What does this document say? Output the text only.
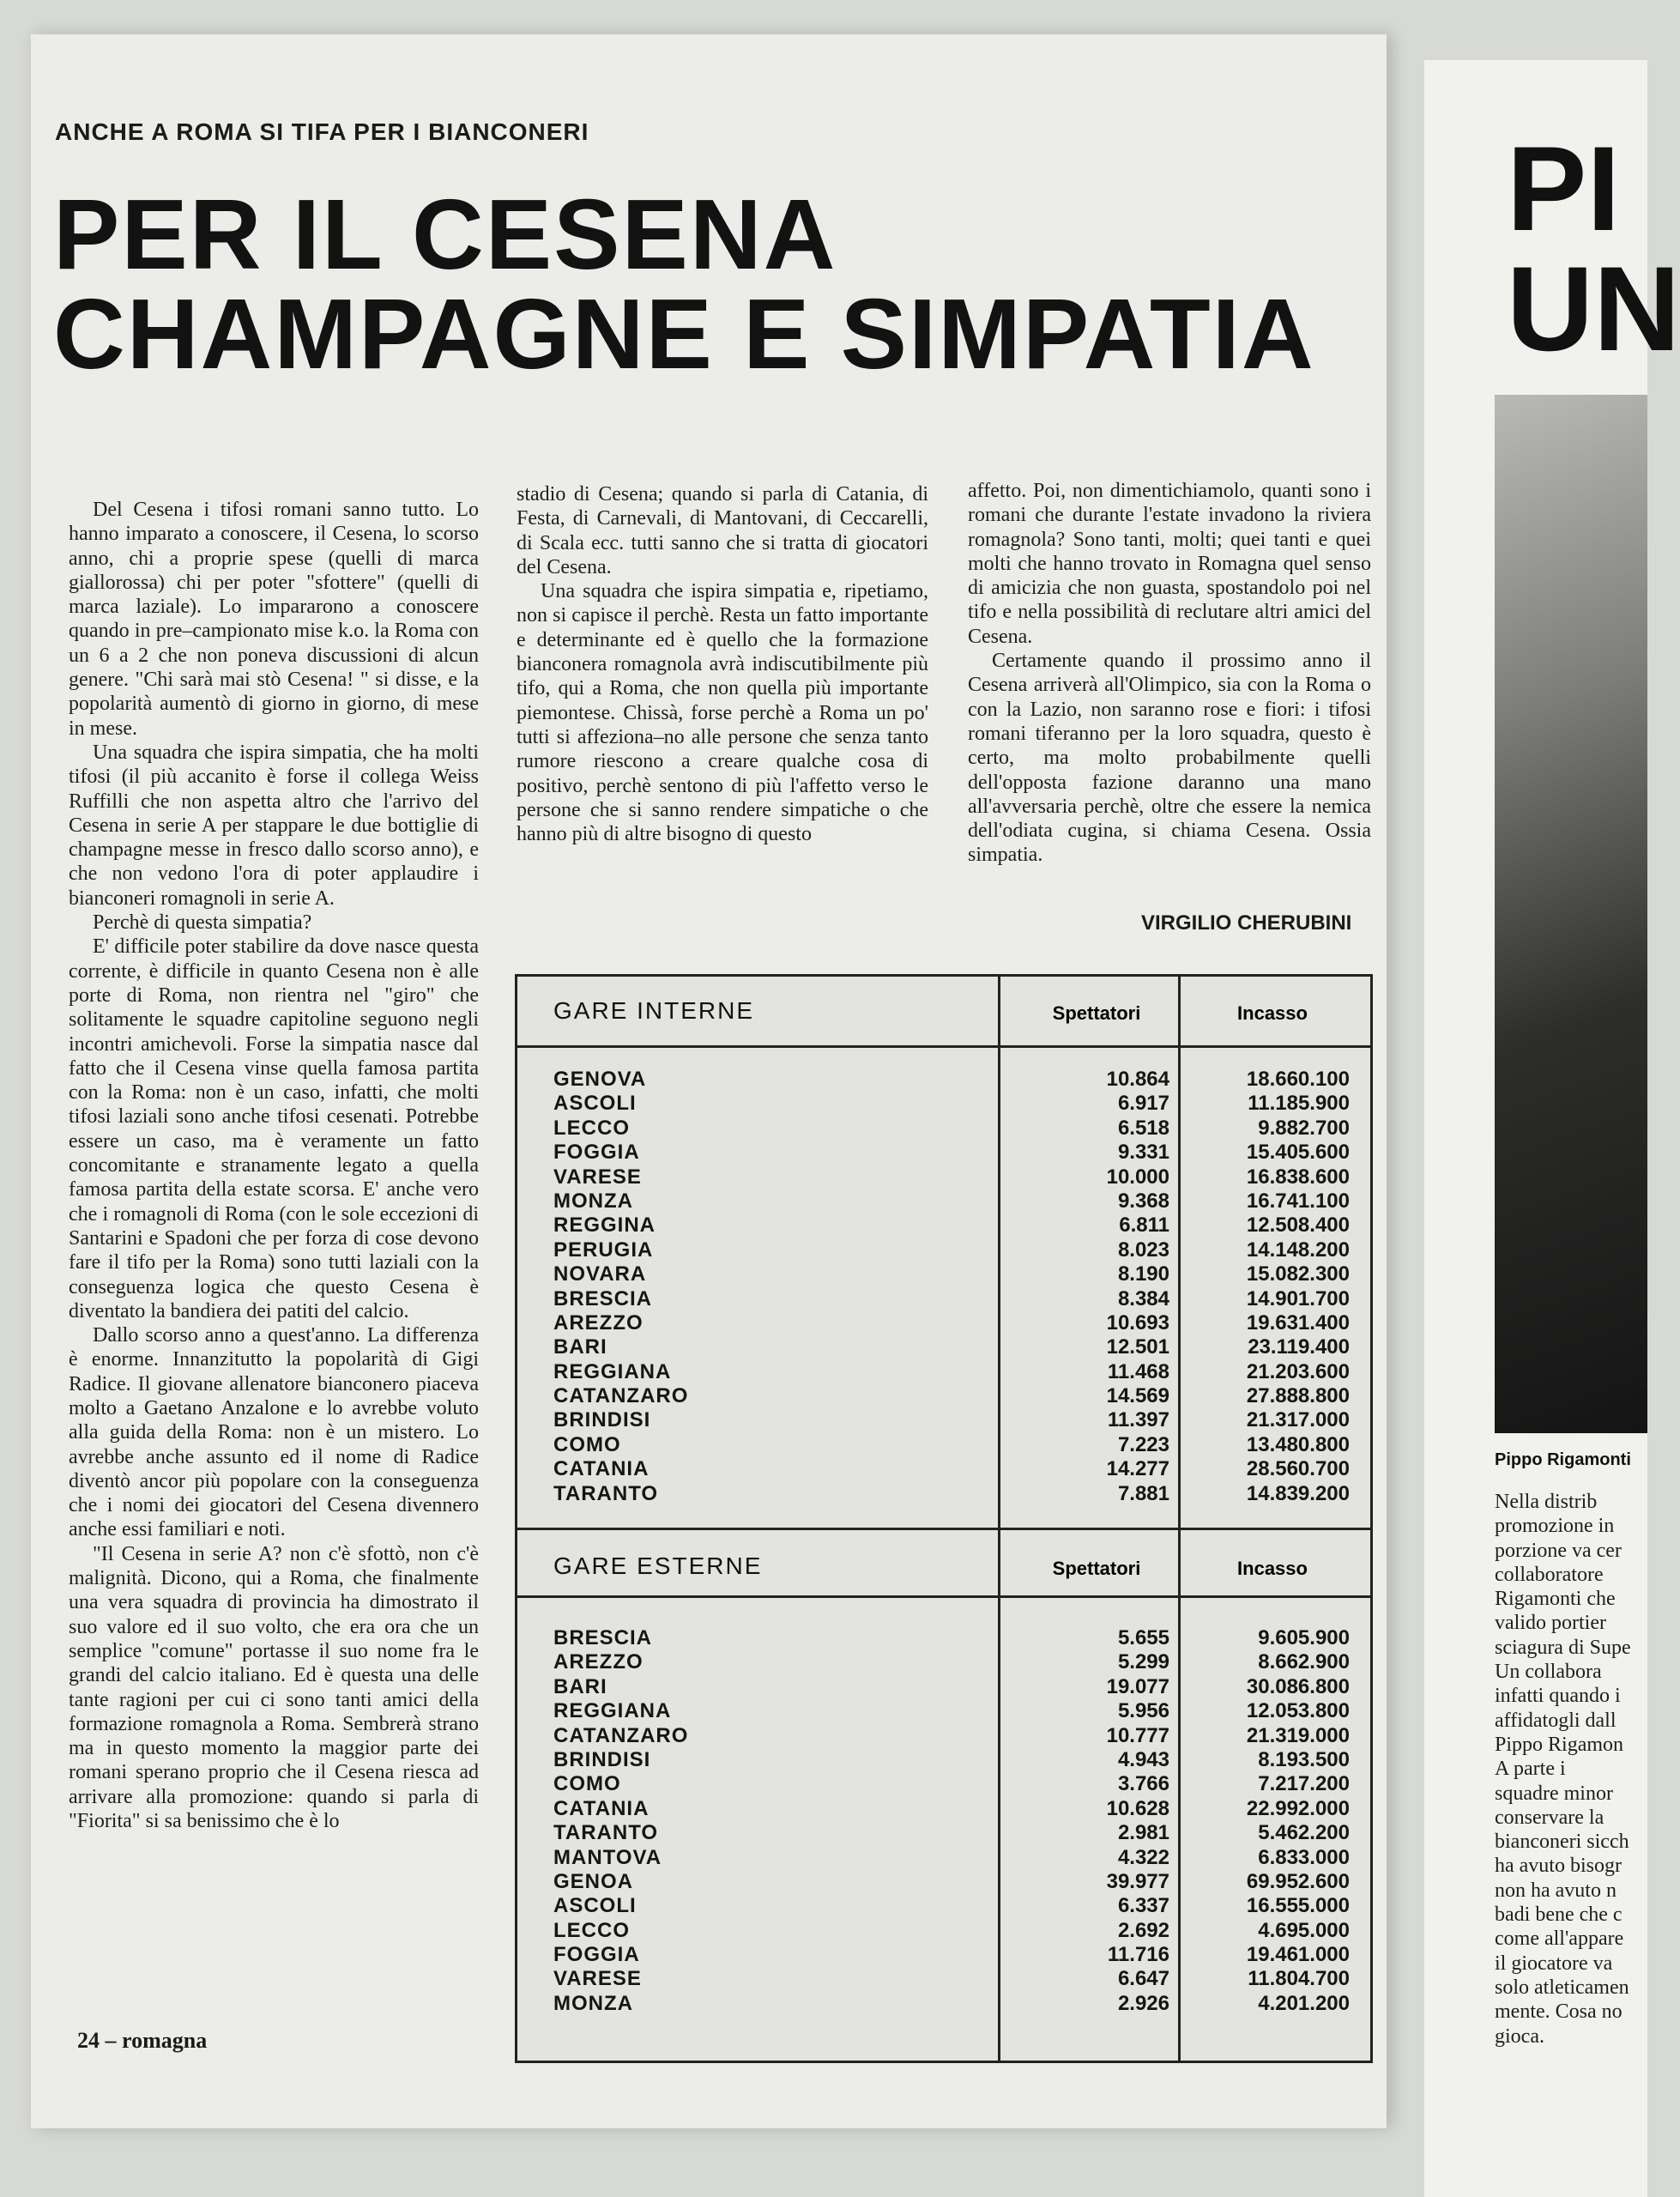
ANCHE A ROMA SI TIFA PER I BIANCONERI
PER IL CESENA
CHAMPAGNE E SIMPATIA

Del Cesena i tifosi romani sanno tutto. Lo hanno imparato a conoscere, il Cesena, lo scorso anno, chi a proprie spese (quelli di marca giallorossa) chi per poter "sfottere" (quelli di marca laziale). Lo impararono a conoscere quando in pre–campionato mise k.o. la Roma con un 6 a 2 che non poneva discussioni di alcun genere. "Chi sarà mai stò Cesena! " si disse, e la popolarità aumentò di giorno in giorno, di mese in mese.

Una squadra che ispira simpatia, che ha molti tifosi (il più accanito è forse il collega Weiss Ruffilli che non aspetta altro che l'arrivo del Cesena in serie A per stappare le due bottiglie di champagne messe in fresco dallo scorso anno), e che non vedono l'ora di poter applaudire i bianconeri romagnoli in serie A.

Perchè di questa simpatia?

E' difficile poter stabilire da dove nasce questa corrente, è difficile in quanto Cesena non è alle porte di Roma, non rientra nel "giro" che solitamente le squadre capitoline seguono negli incontri amichevoli. Forse la simpatia nasce dal fatto che il Cesena vinse quella famosa partita con la Roma: non è un caso, infatti, che molti tifosi laziali sono anche tifosi cesenati. Potrebbe essere un caso, ma è veramente un fatto concomitante e stranamente legato a quella famosa partita della estate scorsa. E' anche vero che i romagnoli di Roma (con le sole eccezioni di Santarini e Spadoni che per forza di cose devono fare il tifo per la Roma) sono tutti laziali con la conseguenza logica che questo Cesena è diventato la bandiera dei patiti del calcio.

Dallo scorso anno a quest'anno. La differenza è enorme. Innanzitutto la popolarità di Gigi Radice. Il giovane allenatore bianconero piaceva molto a Gaetano Anzalone e lo avrebbe voluto alla guida della Roma: non è un mistero. Lo avrebbe anche assunto ed il nome di Radice diventò ancor più popolare con la conseguenza che i nomi dei giocatori del Cesena divennero anche essi familiari e noti.

"Il Cesena in serie A? non c'è sfottò, non c'è malignità. Dicono, qui a Roma, che finalmente una vera squadra di provincia ha dimostrato il suo valore ed il suo volto, che era ora che un semplice "comune" portasse il suo nome fra le grandi del calcio italiano. Ed è questa una delle tante ragioni per cui ci sono tanti amici della formazione romagnola a Roma. Sembrerà strano ma in questo momento la maggior parte dei romani sperano proprio che il Cesena riesca ad arrivare alla promozione: quando si parla di "Fiorita" si sa benissimo che è lo

stadio di Cesena; quando si parla di Catania, di Festa, di Carnevali, di Mantovani, di Ceccarelli, di Scala ecc. tutti sanno che si tratta di giocatori del Cesena.

Una squadra che ispira simpatia e, ripetiamo, non si capisce il perchè. Resta un fatto importante e determinante ed è quello che la formazione bianconera romagnola avrà indiscutibilmente più tifo, qui a Roma, che non quella più importante piemontese. Chissà, forse perchè a Roma un po' tutti si affeziona–no alle persone che senza tanto rumore riescono a creare qualche cosa di positivo, perchè sentono di più l'affetto verso le persone che si sanno rendere simpatiche o che hanno più di altre bisogno di questo

affetto. Poi, non dimentichiamolo, quanti sono i romani che durante l'estate invadono la riviera romagnola? Sono tanti, molti; quei tanti e quei molti che hanno trovato in Romagna quel senso di amicizia che non guasta, spostandolo poi nel tifo e nella possibilità di reclutare altri amici del Cesena.

Certamente quando il prossimo anno il Cesena arriverà all'Olimpico, sia con la Roma o con la Lazio, non saranno rose e fiori: i tifosi romani tiferanno per la loro squadra, questo è certo, ma molto probabilmente quelli dell'opposta fazione daranno una mano all'avversaria perchè, oltre che essere la nemica dell'odiata cugina, si chiama Cesena. Ossia simpatia.

VIRGILIO CHERUBINI
24 – romagna
GARE INTERNE	Spettatori	Incasso
GENOVA	10.864	18.660.100
ASCOLI	6.917	11.185.900
LECCO	6.518	9.882.700
FOGGIA	9.331	15.405.600
VARESE	10.000	16.838.600
MONZA	9.368	16.741.100
REGGINA	6.811	12.508.400
PERUGIA	8.023	14.148.200
NOVARA	8.190	15.082.300
BRESCIA	8.384	14.901.700
AREZZO	10.693	19.631.400
BARI	12.501	23.119.400
REGGIANA	11.468	21.203.600
CATANZARO	14.569	27.888.800
BRINDISI	11.397	21.317.000
COMO	7.223	13.480.800
CATANIA	14.277	28.560.700
TARANTO	7.881	14.839.200
GARE ESTERNE	Spettatori	Incasso
BRESCIA	5.655	9.605.900
AREZZO	5.299	8.662.900
BARI	19.077	30.086.800
REGGIANA	5.956	12.053.800
CATANZARO	10.777	21.319.000
BRINDISI	4.943	8.193.500
COMO	3.766	7.217.200
CATANIA	10.628	22.992.000
TARANTO	2.981	5.462.200
MANTOVA	4.322	6.833.000
GENOA	39.977	69.952.600
ASCOLI	6.337	16.555.000
LECCO	2.692	4.695.000
FOGGIA	11.716	19.461.000
VARESE	6.647	11.804.700
MONZA	2.926	4.201.200
PI
UN
Pippo Rigamonti
Nella distrib
promozione in
porzione va cer
collaboratore
Rigamonti che
valido portier
sciagura di Supe
Un collabora
infatti quando i
affidatogli dall
Pippo Rigamon
A parte i
squadre minor
conservare la
bianconeri sicch
ha avuto bisogr
non ha avuto n
badi bene che c
come all'appare
il giocatore va
solo atleticamen
mente. Cosa no
gioca.
